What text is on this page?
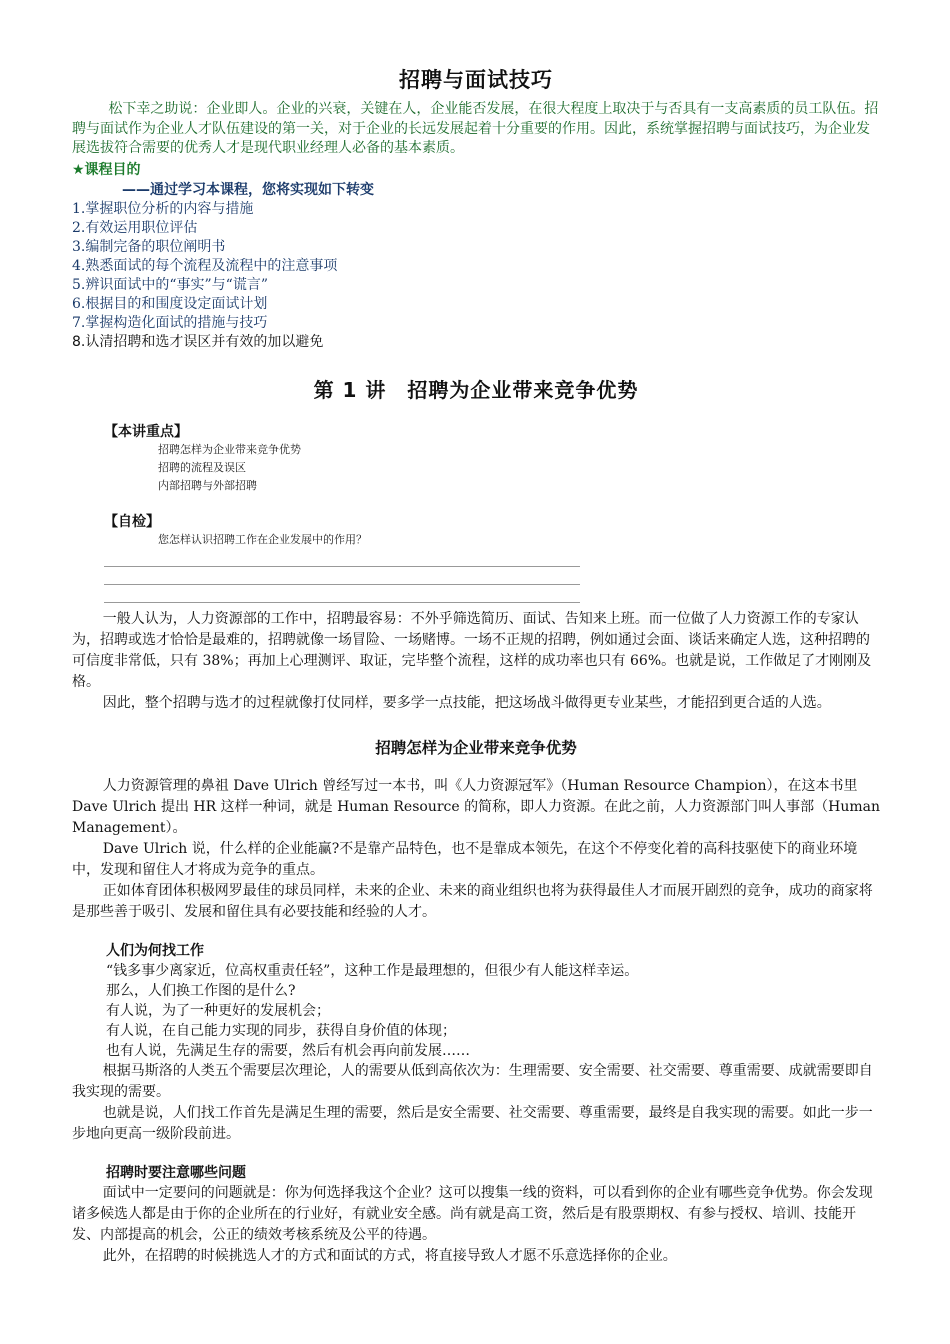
招聘与面试技巧

松下幸之助说：企业即人。企业的兴衰，关键在人，企业能否发展，在很大程度上取决于与否具有一支高素质的员工队伍。招聘与面试作为企业人才队伍建设的第一关，对于企业的长远发展起着十分重要的作用。因此，系统掌握招聘与面试技巧，为企业发展选拔符合需要的优秀人才是现代职业经理人必备的基本素质。

★课程目的
——通过学习本课程，您将实现如下转变
1.掌握职位分析的内容与措施
2.有效运用职位评估
3.编制完备的职位阐明书
4.熟悉面试的每个流程及流程中的注意事项
5.辨识面试中的“事实”与“谎言”
6.根据目的和围度设定面试计划
7.掌握构造化面试的措施与技巧
8.认清招聘和选才误区并有效的加以避免
第 1 讲　招聘为企业带来竞争优势
【本讲重点】
招聘怎样为企业带来竞争优势
招聘的流程及误区
内部招聘与外部招聘
【自检】
您怎样认识招聘工作在企业发展中的作用？

一般人认为，人力资源部的工作中，招聘最容易：不外乎筛选简历、面试、告知来上班。而一位做了人力资源工作的专家认为，招聘或选才恰恰是最难的，招聘就像一场冒险、一场赌博。一场不正规的招聘，例如通过会面、谈话来确定人选，这种招聘的可信度非常低，只有 38%；再加上心理测评、取证，完毕整个流程，这样的成功率也只有 66%。也就是说，工作做足了才刚刚及格。

因此，整个招聘与选才的过程就像打仗同样，要多学一点技能，把这场战斗做得更专业某些，才能招到更合适的人选。

招聘怎样为企业带来竞争优势

人力资源管理的鼻祖 Dave Ulrich 曾经写过一本书，叫《人力资源冠军》（Human Resource Champion），在这本书里 Dave Ulrich 提出 HR 这样一种词，就是 Human Resource 的简称，即人力资源。在此之前，人力资源部门叫人事部（Human Management）。

Dave Ulrich 说，什么样的企业能赢?不是靠产品特色，也不是靠成本领先，在这个不停变化着的高科技驱使下的商业环境中，发现和留住人才将成为竞争的重点。

正如体育团体积极网罗最佳的球员同样，未来的企业、未来的商业组织也将为获得最佳人才而展开剧烈的竞争，成功的商家将是那些善于吸引、发展和留住具有必要技能和经验的人才。

人们为何找工作

“钱多事少离家近，位高权重责任轻”，这种工作是最理想的，但很少有人能这样幸运。

那么，人们换工作图的是什么?

有人说，为了一种更好的发展机会；

有人说，在自己能力实现的同步，获得自身价值的体现；

也有人说，先满足生存的需要，然后有机会再向前发展……

根据马斯洛的人类五个需要层次理论，人的需要从低到高依次为：生理需要、安全需要、社交需要、尊重需要、成就需要即自我实现的需要。

也就是说，人们找工作首先是满足生理的需要，然后是安全需要、社交需要、尊重需要，最终是自我实现的需要。如此一步一步地向更高一级阶段前进。

招聘时要注意哪些问题

面试中一定要问的问题就是：你为何选择我这个企业？这可以搜集一线的资料，可以看到你的企业有哪些竞争优势。你会发现诸多候选人都是由于你的企业所在的行业好，有就业安全感。尚有就是高工资，然后是有股票期权、有参与授权、培训、技能开发、内部提高的机会，公正的绩效考核系统及公平的待遇。

此外，在招聘的时候挑选人才的方式和面试的方式，将直接导致人才愿不乐意选择你的企业。
